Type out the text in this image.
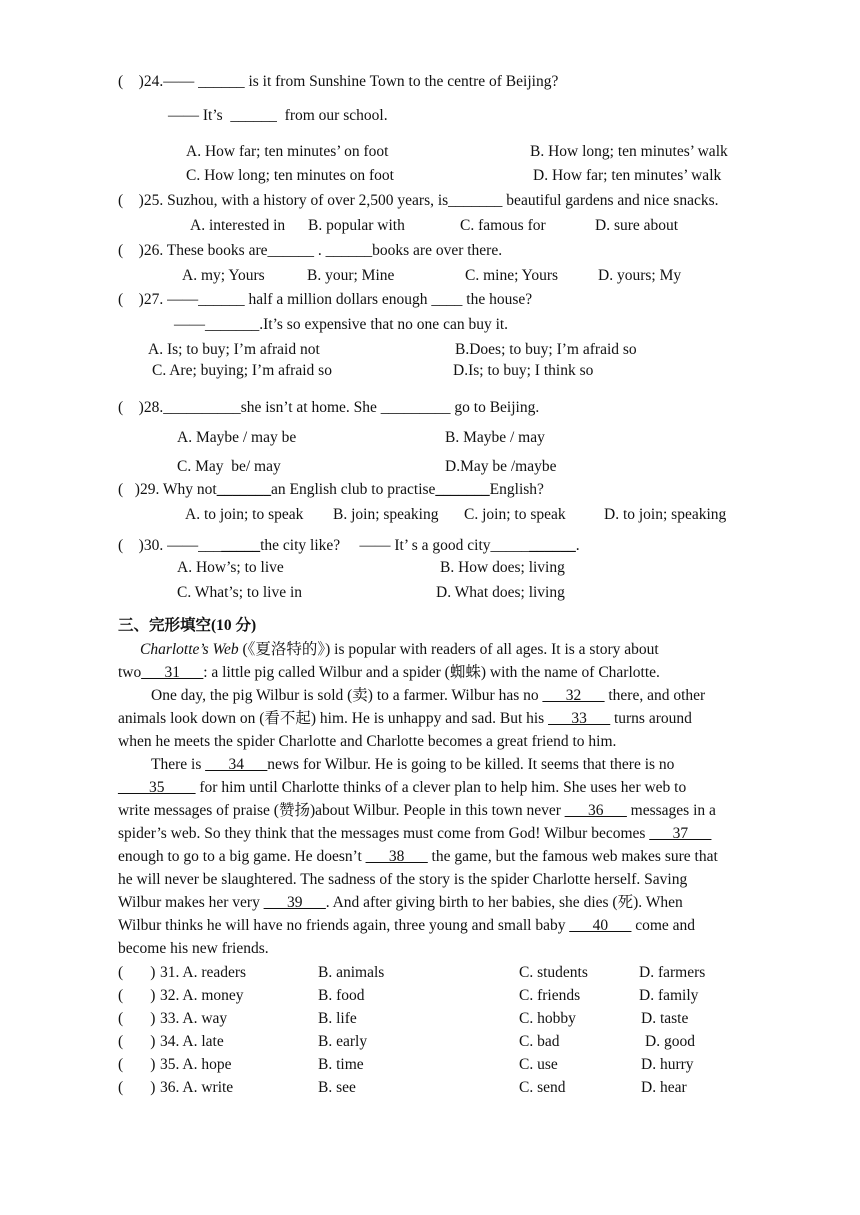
(    )24.—— ______ is it from Sunshine Town to the centre of Beijing?
—— It’s  ______  from our school.
A. How far; ten minutes’ on foot	B. How long; ten minutes’ walk
C. How long; ten minutes on foot	D. How far; ten minutes’ walk
(    )25. Suzhou, with a history of over 2,500 years, is_______ beautiful gardens and nice snacks.
A. interested in B. popular with	C. famous for	D. sure about
(    )26. These books are______ . ______books are over there.
A. my; Yours	B. your; Mine	C. mine; Yours	D. yours; My
(    )27. ——______ half a million dollars enough ____ the house?
——_______.It’s so expensive that no one can buy it.
A. Is; to buy; I’m afraid not	B.Does; to buy; I’m afraid so
C. Are; buying; I’m afraid so	D.Is; to buy; I think so
(    )28.__________she isn’t at home. She _________ go to Beijing.
A. Maybe / may be	B. Maybe / may
C. May  be/ may	D.May be /maybe
(   )29. Why not_______an English club to practise_______English?
A. to join; to speak B. join; speaking C. join; to speak D. to join; speaking
(    )30. ——________the city like?     —— It’ s a good city___________.
A. How’s; to live	B. How does; living
C. What’s; to live in	D. What does; living
三、完形填空(10 分)
Charlotte’s Web (《夏洛特的》) is popular with readers of all ages. It is a story about
two___31___: a little pig called Wilbur and a spider (蜘蛛) with the name of Charlotte.
One day, the pig Wilbur is sold (卖) to a farmer. Wilbur has no ___32___ there, and other
animals look down on (看不起) him. He is unhappy and sad. But his ___33___ turns around
when he meets the spider Charlotte and Charlotte becomes a great friend to him.
There is ___34___news for Wilbur. He is going to be killed. It seems that there is no
____35____ for him until Charlotte thinks of a clever plan to help him. She uses her web to
write messages of praise (赞扬)about Wilbur. People in this town never ___36___ messages in a
spider’s web. So they think that the messages must come from God! Wilbur becomes ___37___
enough to go to a big game. He doesn’t ___38___ the game, but the famous web makes sure that
he will never be slaughtered. The sadness of the story is the spider Charlotte herself. Saving
Wilbur makes her very ___39___. And after giving birth to her babies, she dies (死). When
Wilbur thinks he will have no friends again, three young and small baby ___40___ come and
become his new friends.
(       ) 31. A. readers	B. animals	C. students	D. farmers
(       ) 32. A. money	B. food	C. friends	D. family
(       ) 33. A. way	B. life	C. hobby	D. taste
(       ) 34. A. late	B. early	C. bad	D. good
(       ) 35. A. hope	B. time	C. use	D. hurry
(       ) 36. A. write	B. see	C. send	D. hear
